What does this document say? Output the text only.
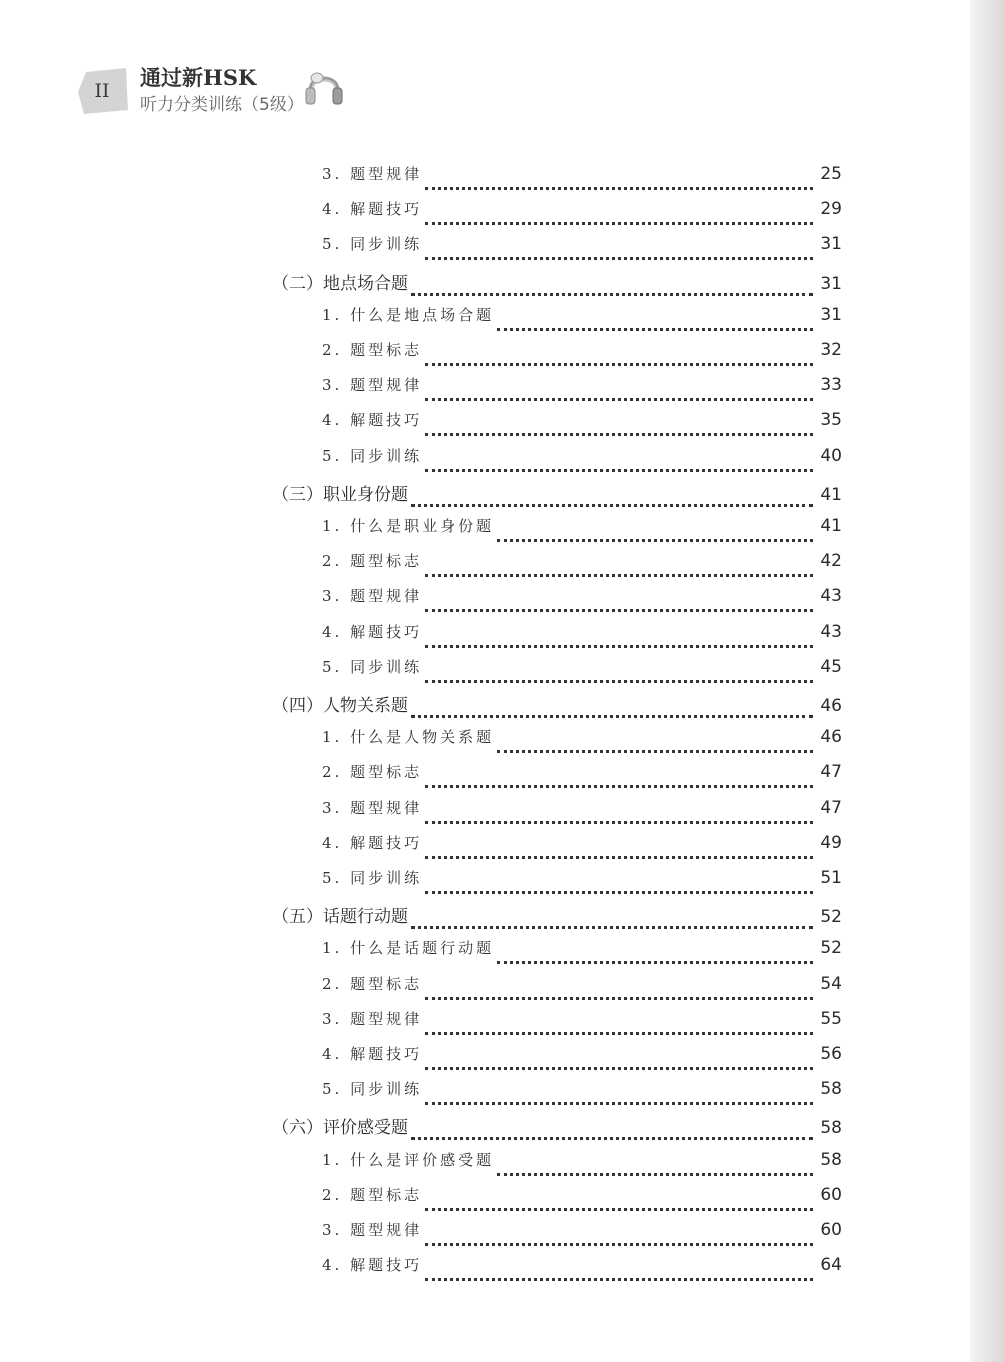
II
通过新HSK
听力分类训练（5级）
3. 题型规律	25
4. 解题技巧	29
5. 同步训练	31
（二）地点场合题	31
1. 什么是地点场合题	31
2. 题型标志	32
3. 题型规律	33
4. 解题技巧	35
5. 同步训练	40
（三）职业身份题	41
1. 什么是职业身份题	41
2. 题型标志	42
3. 题型规律	43
4. 解题技巧	43
5. 同步训练	45
（四）人物关系题	46
1. 什么是人物关系题	46
2. 题型标志	47
3. 题型规律	47
4. 解题技巧	49
5. 同步训练	51
（五）话题行动题	52
1. 什么是话题行动题	52
2. 题型标志	54
3. 题型规律	55
4. 解题技巧	56
5. 同步训练	58
（六）评价感受题	58
1. 什么是评价感受题	58
2. 题型标志	60
3. 题型规律	60
4. 解题技巧	64
